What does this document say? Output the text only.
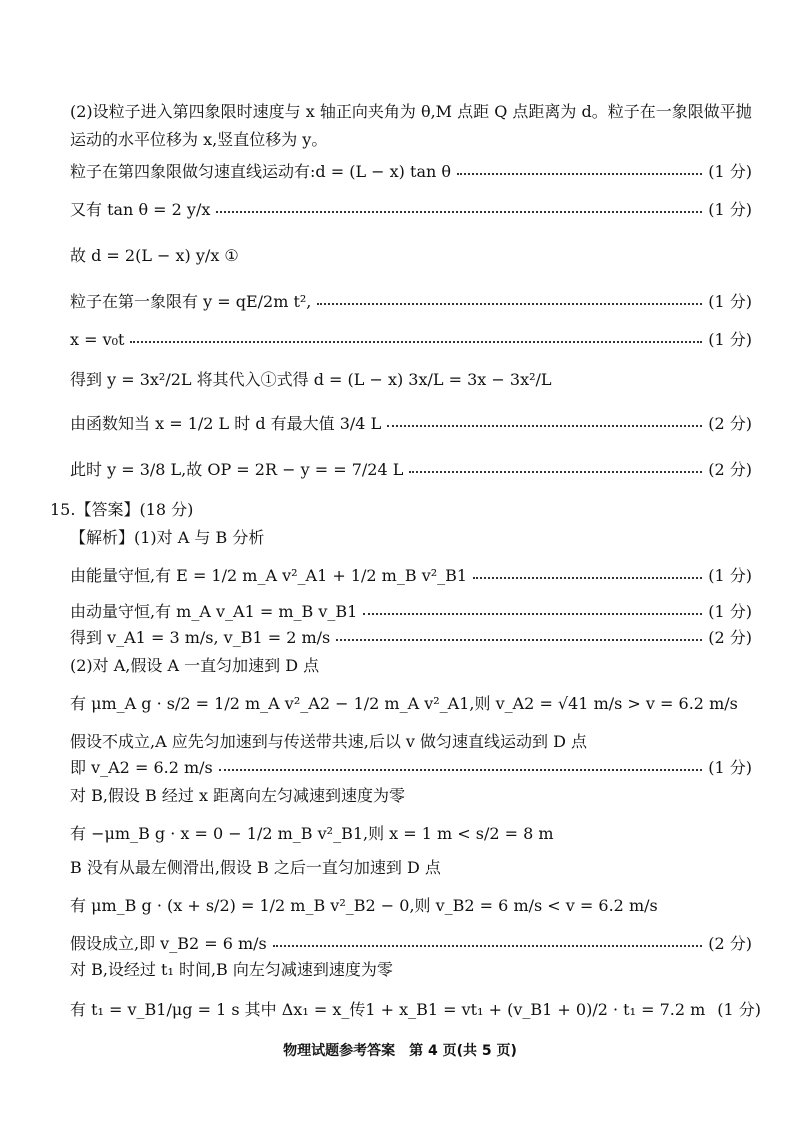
(2)设粒子进入第四象限时速度与 x 轴正向夹角为 θ,M 点距 Q 点距离为 d。粒子在一象限做平抛
运动的水平位移为 x,竖直位移为 y。
粒子在第四象限做匀速直线运动有:d = (L − x) tan θ	(1 分)
又有 tan θ = 2 y/x	(1 分)
故 d = 2(L − x) y/x ①
粒子在第一象限有 y = qE/2m t²,	(1 分)
x = v₀t	(1 分)
得到 y = 3x²/2L 将其代入①式得 d = (L − x) 3x/L = 3x − 3x²/L
由函数知当 x = 1/2 L 时 d 有最大值 3/4 L	(2 分)
此时 y = 3/8 L,故 OP = 2R − y = = 7/24 L	(2 分)
15.【答案】(18 分)
【解析】(1)对 A 与 B 分析
由能量守恒,有 E = 1/2 m_A v²_A1 + 1/2 m_B v²_B1	(1 分)
由动量守恒,有 m_A v_A1 = m_B v_B1	(1 分)
得到 v_A1 = 3 m/s, v_B1 = 2 m/s	(2 分)
(2)对 A,假设 A 一直匀加速到 D 点
有 μm_A g · s/2 = 1/2 m_A v²_A2 − 1/2 m_A v²_A1,则 v_A2 = √41 m/s > v = 6.2 m/s
假设不成立,A 应先匀加速到与传送带共速,后以 v 做匀速直线运动到 D 点
即 v_A2 = 6.2 m/s	(1 分)
对 B,假设 B 经过 x 距离向左匀减速到速度为零
有 −μm_B g · x = 0 − 1/2 m_B v²_B1,则 x = 1 m < s/2 = 8 m
B 没有从最左侧滑出,假设 B 之后一直匀加速到 D 点
有 μm_B g · (x + s/2) = 1/2 m_B v²_B2 − 0,则 v_B2 = 6 m/s < v = 6.2 m/s
假设成立,即 v_B2 = 6 m/s	(2 分)
对 B,设经过 t₁ 时间,B 向左匀减速到速度为零
有 t₁ = v_B1/μg = 1 s 其中 Δx₁ = x_传1 + x_B1 = vt₁ + (v_B1 + 0)/2 · t₁ = 7.2 m (1 分)
物理试题参考答案　第 4 页(共 5 页)
